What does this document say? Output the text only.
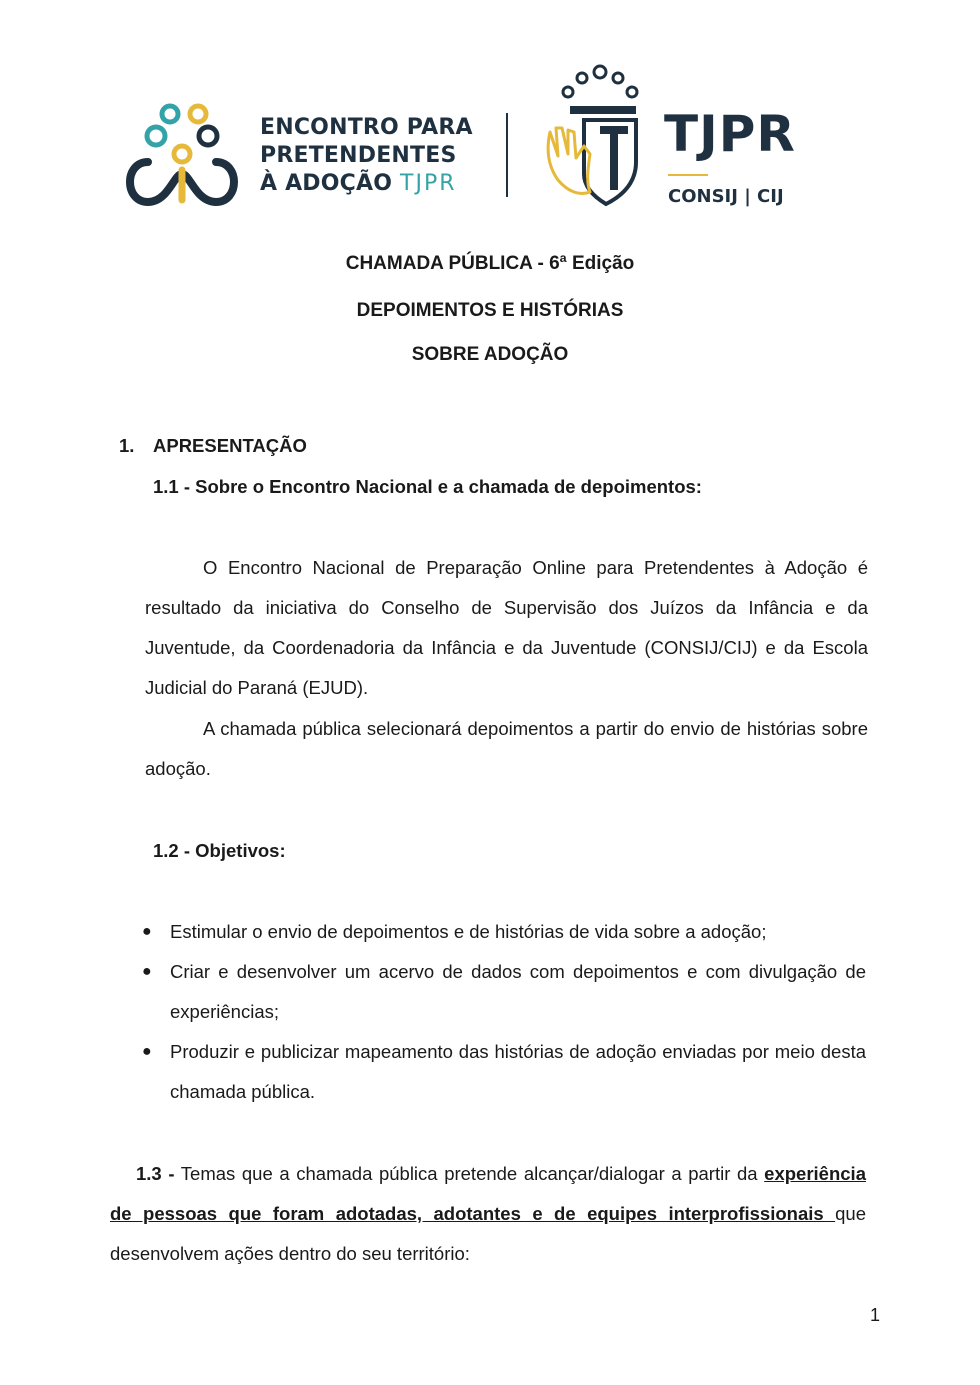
ENCONTRO PARA
PRETENDENTES
À ADOÇÃO TJPR
TJPR
CONSIJ | CIJ
CHAMADA PÚBLICA - 6ª Edição
DEPOIMENTOS E HISTÓRIAS
SOBRE ADOÇÃO
1. APRESENTAÇÃO
1.1 - Sobre o Encontro Nacional e a chamada de depoimentos:
O Encontro Nacional de Preparação Online para Pretendentes à Adoção é resultado da iniciativa do Conselho de Supervisão dos Juízos da Infância e da Juventude, da Coordenadoria da Infância e da Juventude (CONSIJ/CIJ) e da Escola Judicial do Paraná (EJUD).
A chamada pública selecionará depoimentos a partir do envio de histórias sobre adoção.
1.2 - Objetivos:
● Estimular o envio de depoimentos e de histórias de vida sobre a adoção;
● Criar e desenvolver um acervo de dados com depoimentos e com divulgação de experiências;
● Produzir e publicizar mapeamento das histórias de adoção enviadas por meio desta chamada pública.
1.3 - Temas que a chamada pública pretende alcançar/dialogar a partir da experiência de pessoas que foram adotadas, adotantes e de equipes interprofissionais que desenvolvem ações dentro do seu território:
1
